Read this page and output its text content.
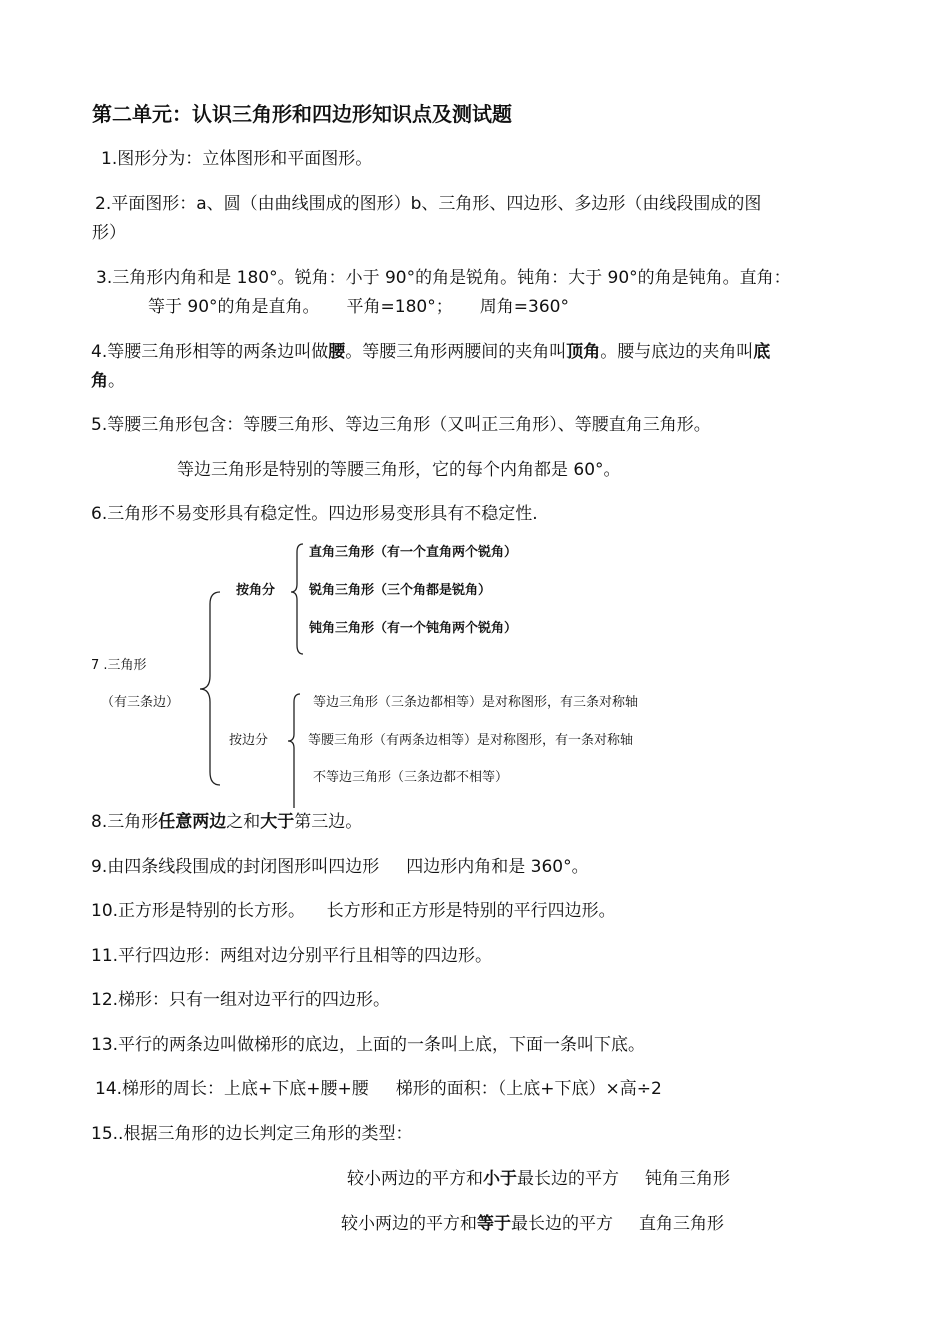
第二单元：认识三角形和四边形知识点及测试题
1.图形分为：立体图形和平面图形。
2.平面图形：a、圆（由曲线围成的图形）b、三角形、四边形、多边形（由线段围成的图
形）
3.三角形内角和是 180°。锐角：小于 90°的角是锐角。钝角：大于 90°的角是钝角。直角：
等于 90°的角是直角。     平角=180°；     周角=360°
4.等腰三角形相等的两条边叫做腰。等腰三角形两腰间的夹角叫顶角。腰与底边的夹角叫底
角。
5.等腰三角形包含：等腰三角形、等边三角形（又叫正三角形）、等腰直角三角形。
等边三角形是特别的等腰三角形，它的每个内角都是 60°。
6.三角形不易变形具有稳定性。四边形易变形具有不稳定性.
7 .三角形
（有三条边）
按角分
直角三角形（有一个直角两个锐角）
锐角三角形（三个角都是锐角）
钝角三角形（有一个钝角两个锐角）
按边分
等边三角形（三条边都相等）是对称图形，有三条对称轴
等腰三角形（有两条边相等）是对称图形，有一条对称轴
不等边三角形（三条边都不相等）
8.三角形任意两边之和大于第三边。
9.由四条线段围成的封闭图形叫四边形     四边形内角和是 360°。
10.正方形是特别的长方形。    长方形和正方形是特别的平行四边形。
11.平行四边形：两组对边分别平行且相等的四边形。
12.梯形：只有一组对边平行的四边形。
13.平行的两条边叫做梯形的底边，上面的一条叫上底，下面一条叫下底。
14.梯形的周长：上底+下底+腰+腰     梯形的面积：（上底+下底）×高÷2
15..根据三角形的边长判定三角形的类型：
较小两边的平方和小于最长边的平方 钝角三角形
较小两边的平方和等于最长边的平方 直角三角形
